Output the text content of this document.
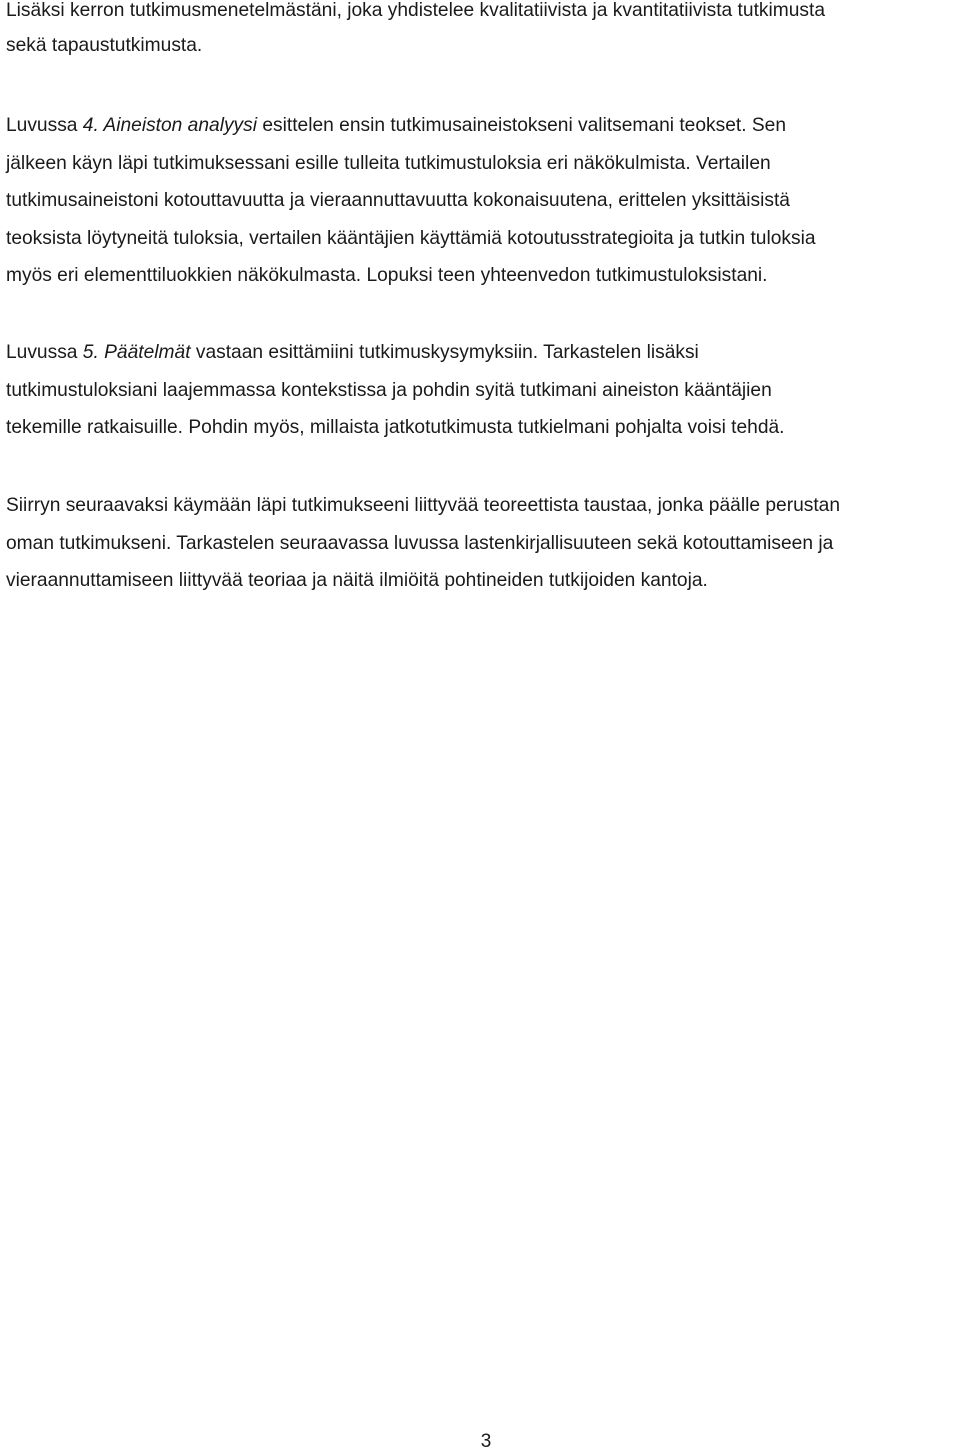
Lisäksi kerron tutkimusmenetelmästäni, joka yhdistelee kvalitatiivista ja kvantitatiivista tutkimusta
sekä tapaustutkimusta.
Luvussa 4. Aineiston analyysi esittelen ensin tutkimusaineistokseni valitsemani teokset. Sen
jälkeen käyn läpi tutkimuksessani esille tulleita tutkimustuloksia eri näkökulmista. Vertailen
tutkimusaineistoni kotouttavuutta ja vieraannuttavuutta kokonaisuutena, erittelen yksittäisistä
teoksista löytyneitä tuloksia, vertailen kääntäjien käyttämiä kotoutusstrategioita ja tutkin tuloksia
myös eri elementtiluokkien näkökulmasta. Lopuksi teen yhteenvedon tutkimustuloksistani.
Luvussa 5. Päätelmät vastaan esittämiini tutkimuskysymyksiin. Tarkastelen lisäksi
tutkimustuloksiani laajemmassa kontekstissa ja pohdin syitä tutkimani aineiston kääntäjien
tekemille ratkaisuille. Pohdin myös, millaista jatkotutkimusta tutkielmani pohjalta voisi tehdä.
Siirryn seuraavaksi käymään läpi tutkimukseeni liittyvää teoreettista taustaa, jonka päälle perustan
oman tutkimukseni. Tarkastelen seuraavassa luvussa lastenkirjallisuuteen sekä kotouttamiseen ja
vieraannuttamiseen liittyvää teoriaa ja näitä ilmiöitä pohtineiden tutkijoiden kantoja.
3
